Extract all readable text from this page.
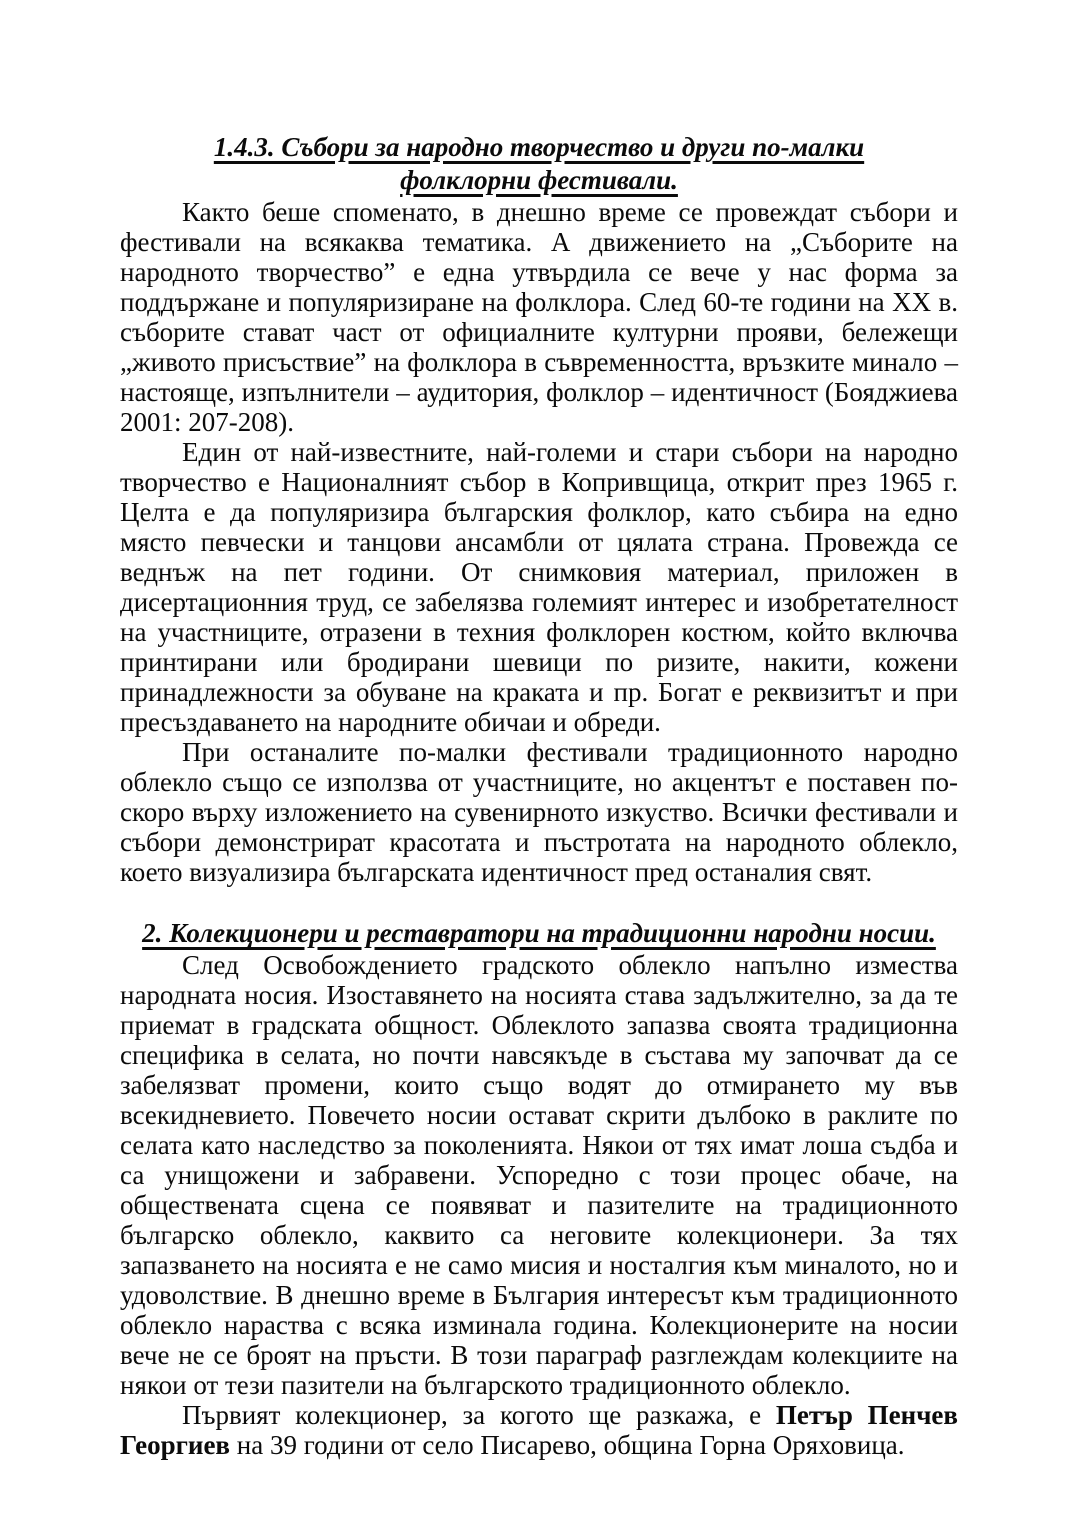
1.4.3. Събори за народно творчество и други по-малки
фолклорни фестивали.

Както беше споменато, в днешно време се провеждат събори и фестивали на всякаква тематика. А движението на „Съборите на народното творчество” е една утвърдила се вече у нас форма за поддържане и популяризиране на фолклора. След 60-те години на XX в. съборите стават част от официалните културни прояви, бележещи „живото присъствие” на фолклора в съвременността, връзките минало – настояще, изпълнители – аудитория, фолклор – идентичност (Бояджиева 2001: 207-208).

Един от най-известните, най-големи и стари събори на народно творчество е Националният събор в Копривщица, открит през 1965 г. Целта е да популяризира българския фолклор, като събира на едно място певчески и танцови ансамбли от цялата страна. Провежда се веднъж на пет години. От снимковия материал, приложен в дисертационния труд, се забелязва големият интерес и изобретателност на участниците, отразени в техния фолклорен костюм, който включва принтирани или бродирани шевици по ризите, накити, кожени принадлежности за обуване на краката и пр. Богат е реквизитът и при пресъздаването на народните обичаи и обреди.

При останалите по-малки фестивали традиционното народно облекло също се използва от участниците, но акцентът е поставен по-скоро върху изложението на сувенирното изкуство. Всички фестивали и събори демонстрират красотата и пъстротата на народното облекло, което визуализира българската идентичност пред останалия свят.

2. Колекционери и реставратори на традиционни народни носии.

След Освобождението градското облекло напълно измества народната носия. Изоставянето на носията става задължително, за да те приемат в градската общност. Облеклото запазва своята традиционна специфика в селата, но почти навсякъде в състава му започват да се забелязват промени, които също водят до отмирането му във всекидневието. Повечето носии остават скрити дълбоко в раклите по селата като наследство за поколенията. Някои от тях имат лоша съдба и са унищожени и забравени. Успоредно с този процес обаче, на обществената сцена се появяват и пазителите на традиционното българско облекло, каквито са неговите колекционери. За тях запазването на носията е не само мисия и носталгия към миналото, но и удоволствие. В днешно време в България интересът към традиционното облекло нараства с всяка изминала година. Колекционерите на носии вече не се броят на пръсти. В този параграф разглеждам колекциите на някои от тези пазители на българското традиционното облекло.

Първият колекционер, за когото ще разкажа, е Петър Пенчев Георгиев на 39 години от село Писарево, община Горна Оряховица.
